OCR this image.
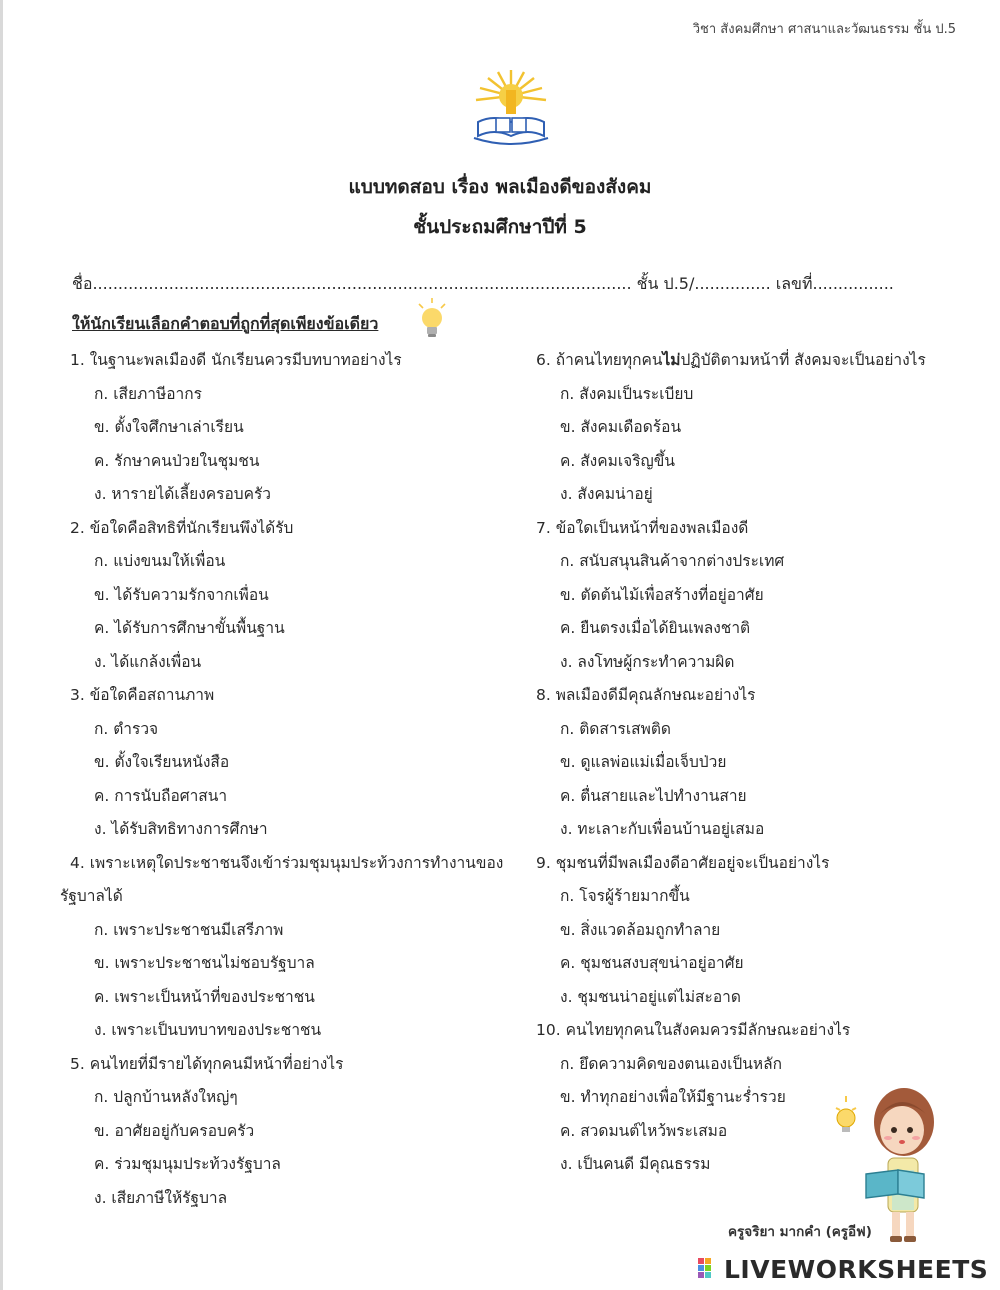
วิชา สังคมศึกษา ศาสนาและวัฒนธรรม ชั้น ป.5
แบบทดสอบ เรื่อง พลเมืองดีของสังคม
ชั้นประถมศึกษาปีที่ 5
ชื่อ.......................................................................................................... ชั้น ป.5/............... เลขที่................
ให้นักเรียนเลือกคำตอบที่ถูกที่สุดเพียงข้อเดียว
1. ในฐานะพลเมืองดี นักเรียนควรมีบทบาทอย่างไร
ก. เสียภาษีอากร
ข. ตั้งใจศึกษาเล่าเรียน
ค. รักษาคนป่วยในชุมชน
ง. หารายได้เลี้ยงครอบครัว
2. ข้อใดคือสิทธิที่นักเรียนพึงได้รับ
ก. แบ่งขนมให้เพื่อน
ข. ได้รับความรักจากเพื่อน
ค. ได้รับการศึกษาขั้นพื้นฐาน
ง. ได้แกล้งเพื่อน
3. ข้อใดคือสถานภาพ
ก. ตำรวจ
ข. ตั้งใจเรียนหนังสือ
ค. การนับถือศาสนา
ง. ได้รับสิทธิทางการศึกษา
4. เพราะเหตุใดประชาชนจึงเข้าร่วมชุมนุมประท้วงการทำงานของ
รัฐบาลได้
ก. เพราะประชาชนมีเสรีภาพ
ข. เพราะประชาชนไม่ชอบรัฐบาล
ค. เพราะเป็นหน้าที่ของประชาชน
ง. เพราะเป็นบทบาทของประชาชน
5. คนไทยที่มีรายได้ทุกคนมีหน้าที่อย่างไร
ก. ปลูกบ้านหลังใหญ่ๆ
ข. อาศัยอยู่กับครอบครัว
ค. ร่วมชุมนุมประท้วงรัฐบาล
ง. เสียภาษีให้รัฐบาล
6. ถ้าคนไทยทุกคนไม่ปฏิบัติตามหน้าที่ สังคมจะเป็นอย่างไร
ก. สังคมเป็นระเบียบ
ข. สังคมเดือดร้อน
ค. สังคมเจริญขึ้น
ง. สังคมน่าอยู่
7. ข้อใดเป็นหน้าที่ของพลเมืองดี
ก. สนับสนุนสินค้าจากต่างประเทศ
ข. ตัดต้นไม้เพื่อสร้างที่อยู่อาศัย
ค. ยืนตรงเมื่อได้ยินเพลงชาติ
ง. ลงโทษผู้กระทำความผิด
8. พลเมืองดีมีคุณลักษณะอย่างไร
ก. ติดสารเสพติด
ข. ดูแลพ่อแม่เมื่อเจ็บป่วย
ค. ตื่นสายและไปทำงานสาย
ง. ทะเลาะกับเพื่อนบ้านอยู่เสมอ
9. ชุมชนที่มีพลเมืองดีอาศัยอยู่จะเป็นอย่างไร
ก. โจรผู้ร้ายมากขึ้น
ข. สิ่งแวดล้อมถูกทำลาย
ค. ชุมชนสงบสุขน่าอยู่อาศัย
ง. ชุมชนน่าอยู่แต่ไม่สะอาด
10. คนไทยทุกคนในสังคมควรมีลักษณะอย่างไร
ก. ยึดความคิดของตนเองเป็นหลัก
ข. ทำทุกอย่างเพื่อให้มีฐานะร่ำรวย
ค. สวดมนต์ไหว้พระเสมอ
ง. เป็นคนดี มีคุณธรรม
ครูจริยา มากคำ (ครูอีฟ)
LIVEWORKSHEETS
